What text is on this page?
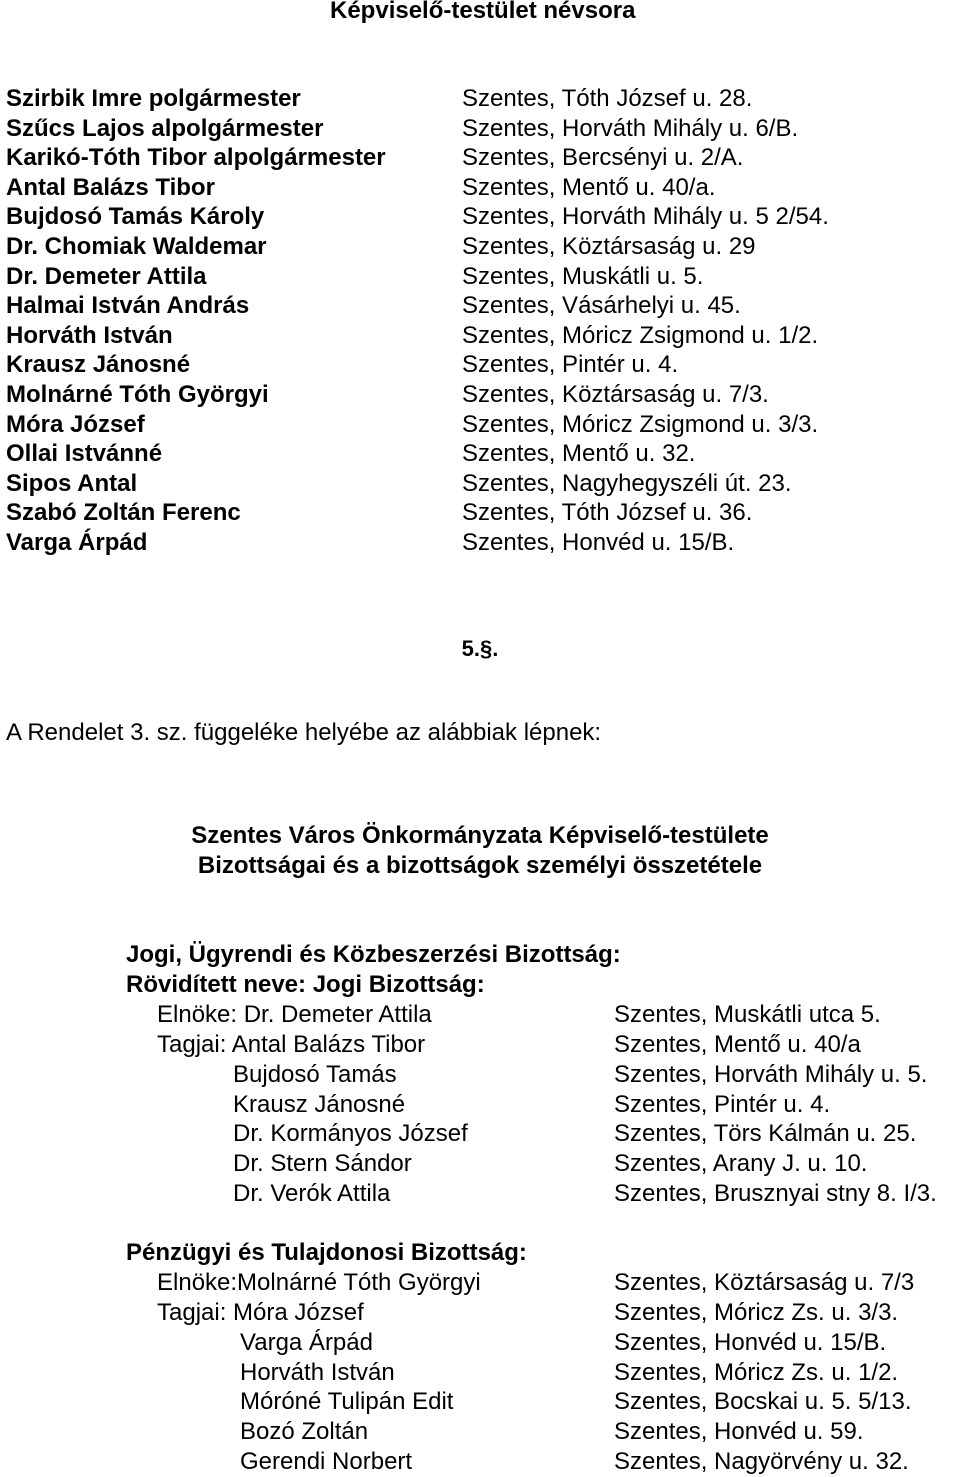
Képviselő-testület névsora
Szirbik Imre polgármester	Szentes, Tóth József u. 28.
Szűcs Lajos alpolgármester	Szentes, Horváth Mihály u. 6/B.
Karikó-Tóth Tibor alpolgármester	Szentes, Bercsényi u. 2/A.
Antal Balázs Tibor	Szentes, Mentő u. 40/a.
Bujdosó Tamás Károly	Szentes, Horváth Mihály u. 5 2/54.
Dr. Chomiak Waldemar	Szentes, Köztársaság u. 29
Dr. Demeter Attila	Szentes, Muskátli u. 5.
Halmai István András	Szentes, Vásárhelyi u. 45.
Horváth István	Szentes, Móricz Zsigmond u. 1/2.
Krausz Jánosné	Szentes, Pintér u. 4.
Molnárné Tóth Györgyi	Szentes, Köztársaság u. 7/3.
Móra József	Szentes, Móricz Zsigmond u. 3/3.
Ollai Istvánné	Szentes, Mentő u. 32.
Sipos Antal	Szentes, Nagyhegyszéli út. 23.
Szabó Zoltán Ferenc	Szentes, Tóth József u. 36.
Varga Árpád	Szentes, Honvéd u. 15/B.
5.§.
A Rendelet 3. sz. függeléke helyébe az alábbiak lépnek:
Szentes Város Önkormányzata Képviselő-testülete
Bizottságai és a bizottságok személyi összetétele
Jogi, Ügyrendi és Közbeszerzési Bizottság:
Rövidített neve: Jogi Bizottság:
Elnöke: Dr. Demeter Attila	Szentes, Muskátli utca 5.
Tagjai: Antal Balázs Tibor	Szentes, Mentő u. 40/a
Bujdosó Tamás	Szentes, Horváth Mihály u. 5.
Krausz Jánosné	Szentes, Pintér u. 4.
Dr. Kormányos József	Szentes, Törs Kálmán u. 25.
Dr. Stern Sándor	Szentes, Arany J. u. 10.
Dr. Verók Attila	Szentes, Brusznyai stny 8. I/3.
Pénzügyi és Tulajdonosi Bizottság:
Elnöke:Molnárné Tóth Györgyi	Szentes, Köztársaság u. 7/3
Tagjai: Móra József	Szentes, Móricz Zs. u. 3/3.
Varga Árpád	Szentes, Honvéd u. 15/B.
Horváth István	Szentes, Móricz Zs. u. 1/2.
Móróné Tulipán Edit	Szentes, Bocskai u. 5. 5/13.
Bozó Zoltán	Szentes, Honvéd u. 59.
Gerendi Norbert	Szentes, Nagyörvény u. 32.
